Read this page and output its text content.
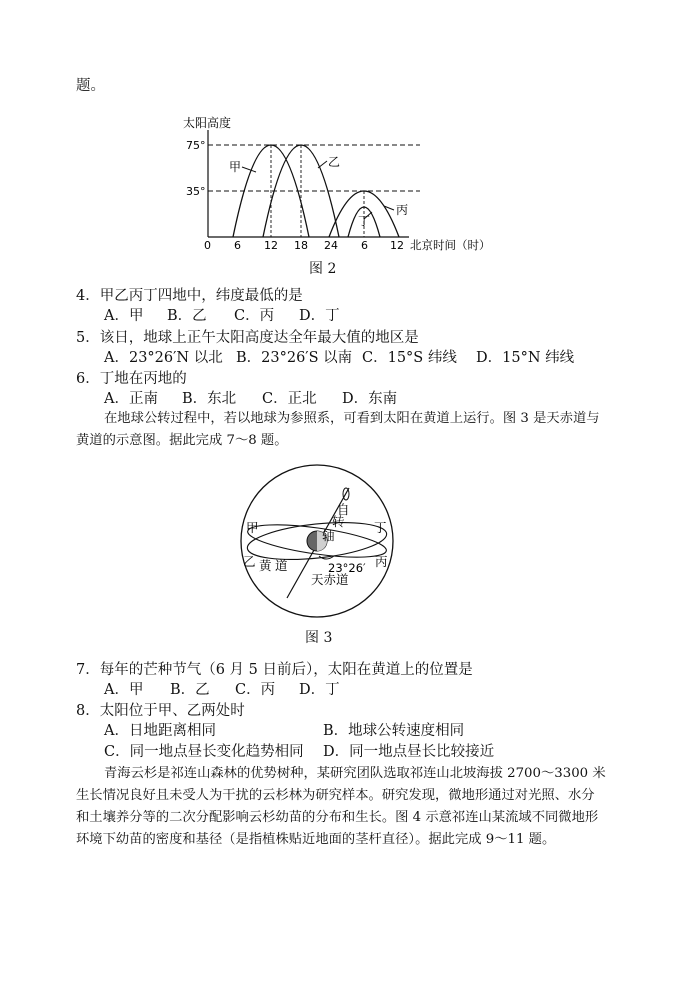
题。
太阳高度
75°
35°
甲	乙
丙
丁
0 6 12 18 24 6 12 北京时间（时）
图 2
4．甲乙丙丁四地中，纬度最低的是
A．甲 B．乙 C．丙 D．丁
5．该日，地球上正午太阳高度达全年最大值的地区是
A．23°26′N 以北 B．23°26′S 以南 C．15°S 纬线 D．15°N 纬线
6．丁地在丙地的
A．正南 B．东北 C．正北 D．东南
在地球公转过程中，若以地球为参照系，可看到太阳在黄道上运行。图 3 是天赤道与
黄道的示意图。据此完成 7～8 题。
甲
乙	丙
丁
自
转
轴
黄 道	23°26′
天赤道
图 3
7．每年的芒种节气（6 月 5 日前后），太阳在黄道上的位置是
A．甲 B．乙 C．丙 D．丁
8．太阳位于甲、乙两处时
A．日地距离相同	B．地球公转速度相同
C．同一地点昼长变化趋势相同 D．同一地点昼长比较接近
青海云杉是祁连山森林的优势树种，某研究团队选取祁连山北坡海拔 2700～3300 米
生长情况良好且未受人为干扰的云杉林为研究样本。研究发现，微地形通过对光照、水分
和土壤养分等的二次分配影响云杉幼苗的分布和生长。图 4 示意祁连山某流域不同微地形
环境下幼苗的密度和基径（是指植株贴近地面的茎杆直径）。据此完成 9～11 题。
